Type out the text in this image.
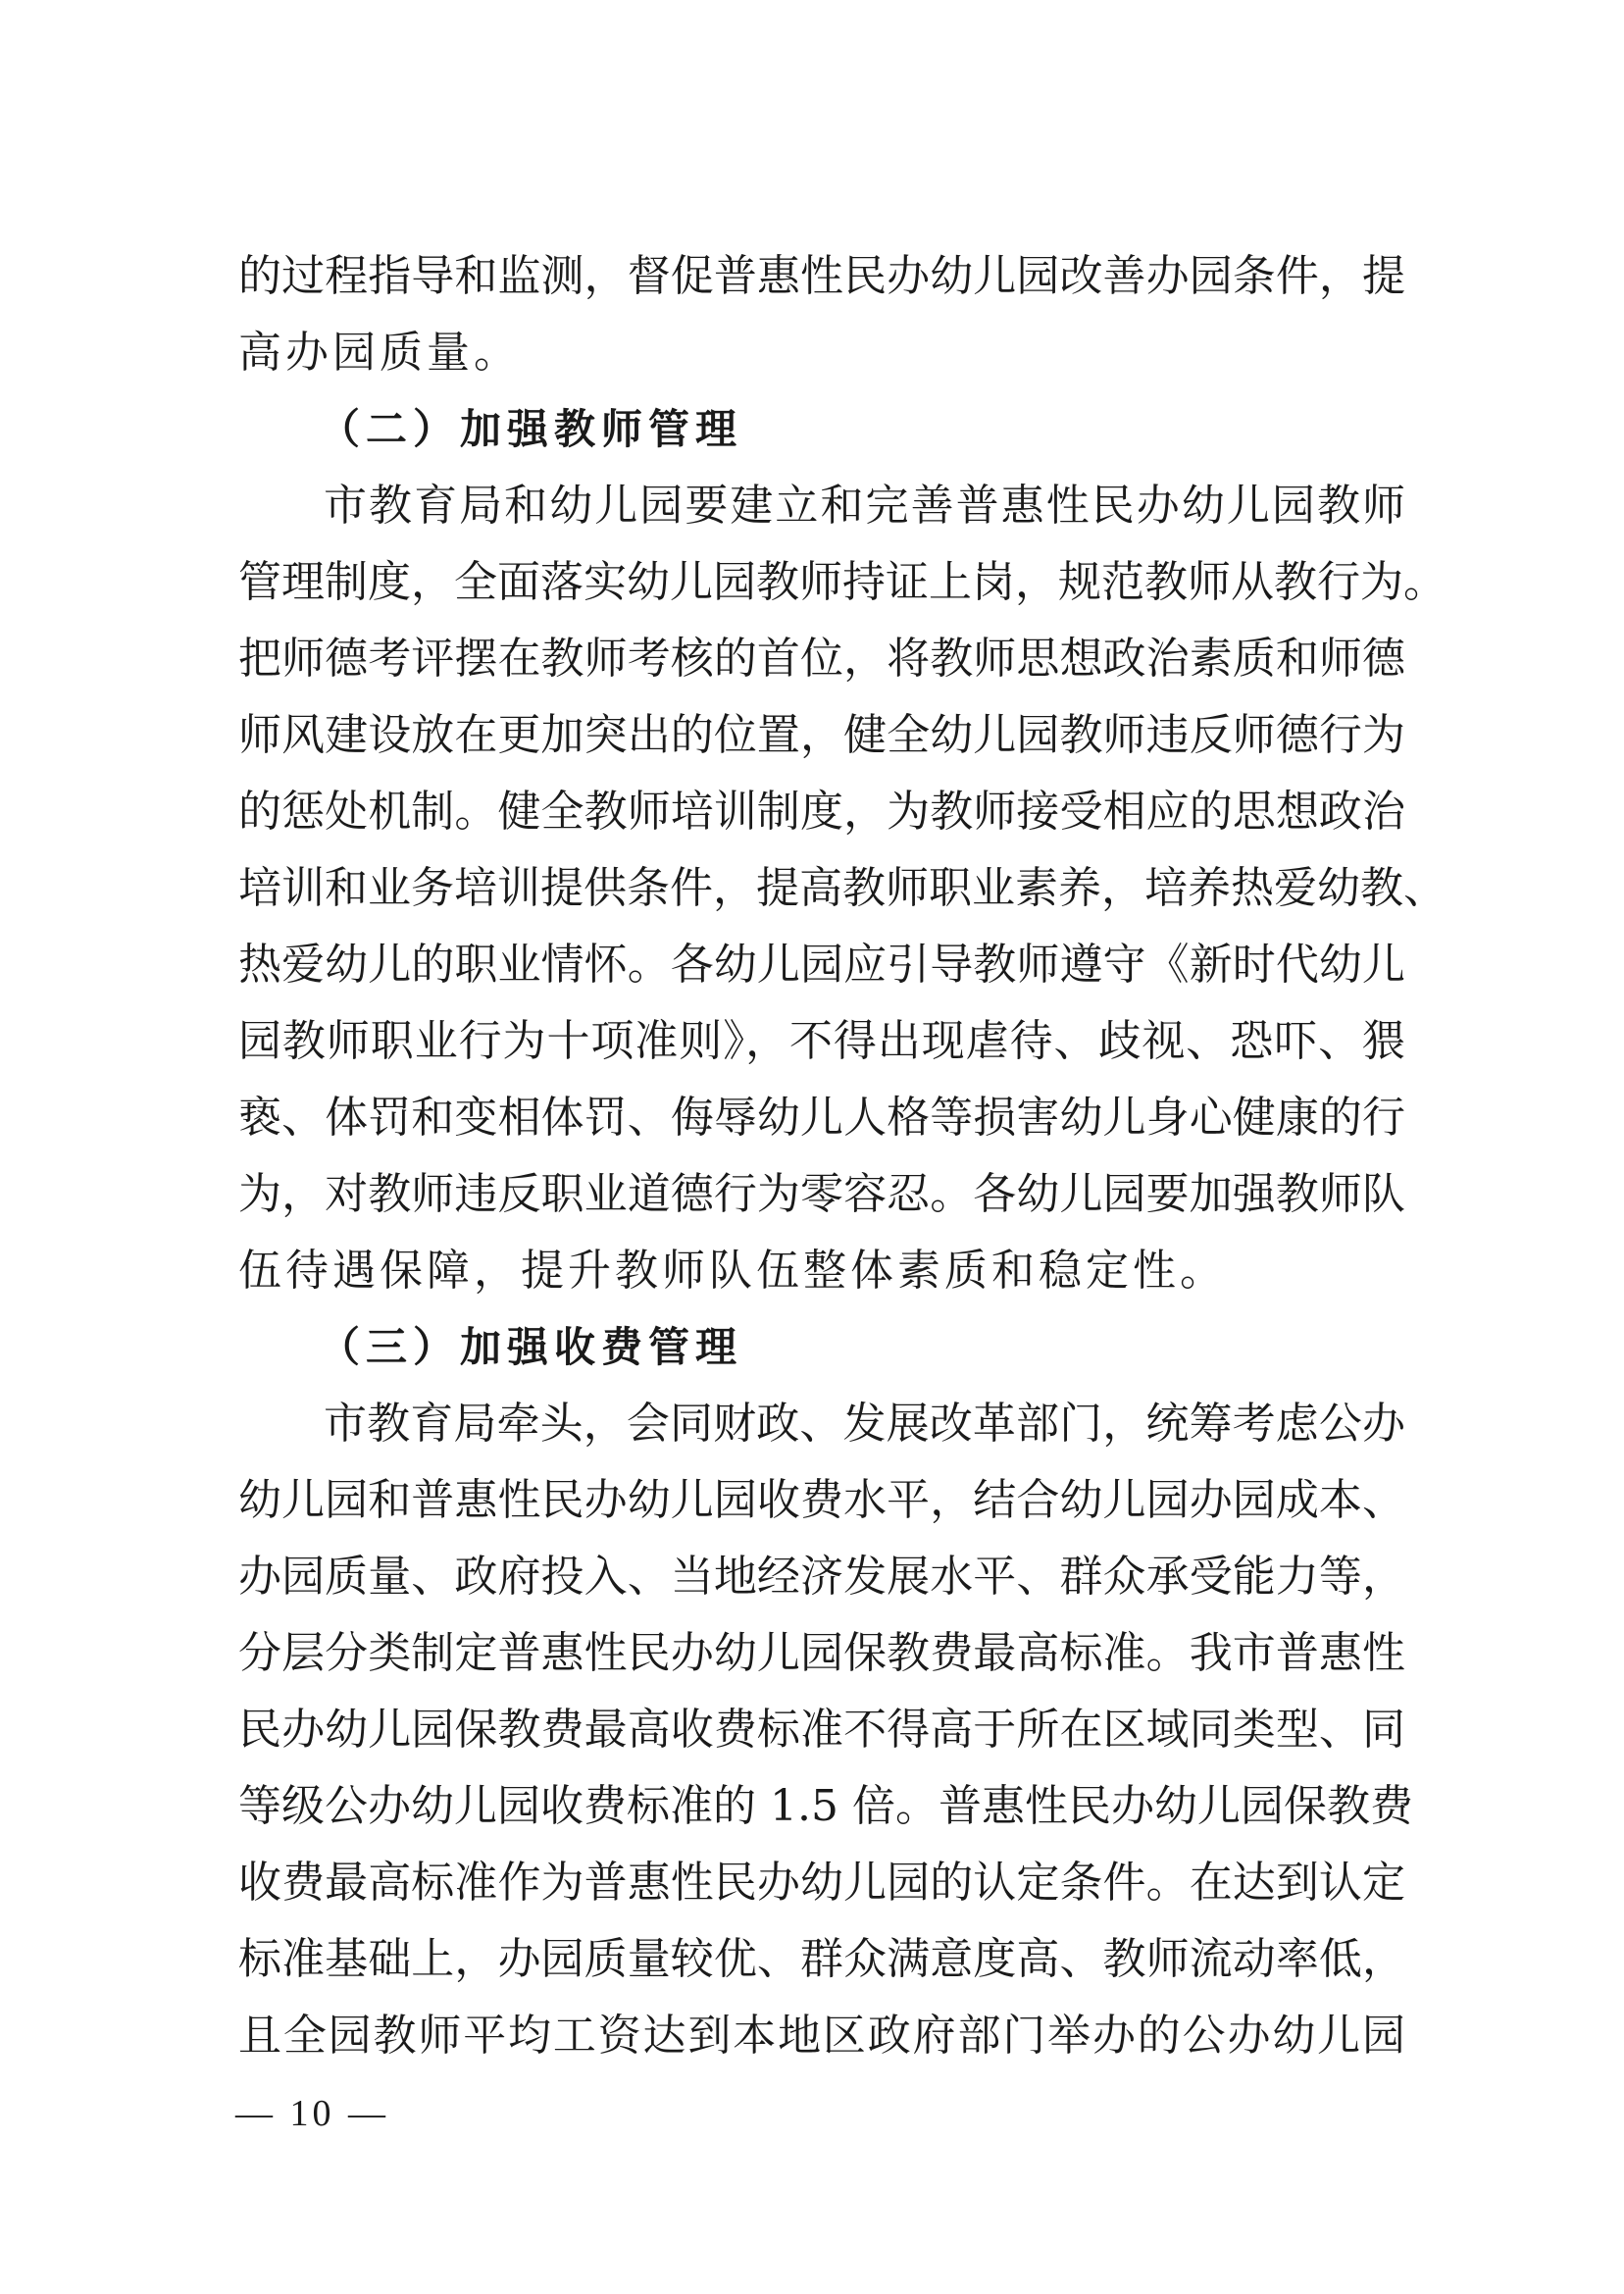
的过程指导和监测，督促普惠性民办幼儿园改善办园条件，提
高办园质量。
（二）加强教师管理
市教育局和幼儿园要建立和完善普惠性民办幼儿园教师
管理制度，全面落实幼儿园教师持证上岗，规范教师从教行为。
把师德考评摆在教师考核的首位，将教师思想政治素质和师德
师风建设放在更加突出的位置，健全幼儿园教师违反师德行为
的惩处机制。健全教师培训制度，为教师接受相应的思想政治
培训和业务培训提供条件，提高教师职业素养，培养热爱幼教、
热爱幼儿的职业情怀。各幼儿园应引导教师遵守《新时代幼儿
园教师职业行为十项准则》，不得出现虐待、歧视、恐吓、猥
亵、体罚和变相体罚、侮辱幼儿人格等损害幼儿身心健康的行
为，对教师违反职业道德行为零容忍。各幼儿园要加强教师队
伍待遇保障，提升教师队伍整体素质和稳定性。
（三）加强收费管理
市教育局牵头，会同财政、发展改革部门，统筹考虑公办
幼儿园和普惠性民办幼儿园收费水平，结合幼儿园办园成本、
办园质量、政府投入、当地经济发展水平、群众承受能力等，
分层分类制定普惠性民办幼儿园保教费最高标准。我市普惠性
民办幼儿园保教费最高收费标准不得高于所在区域同类型、同
等级公办幼儿园收费标准的 1.5 倍。普惠性民办幼儿园保教费
收费最高标准作为普惠性民办幼儿园的认定条件。在达到认定
标准基础上，办园质量较优、群众满意度高、教师流动率低，
且全园教师平均工资达到本地区政府部门举办的公办幼儿园
— 10 —
